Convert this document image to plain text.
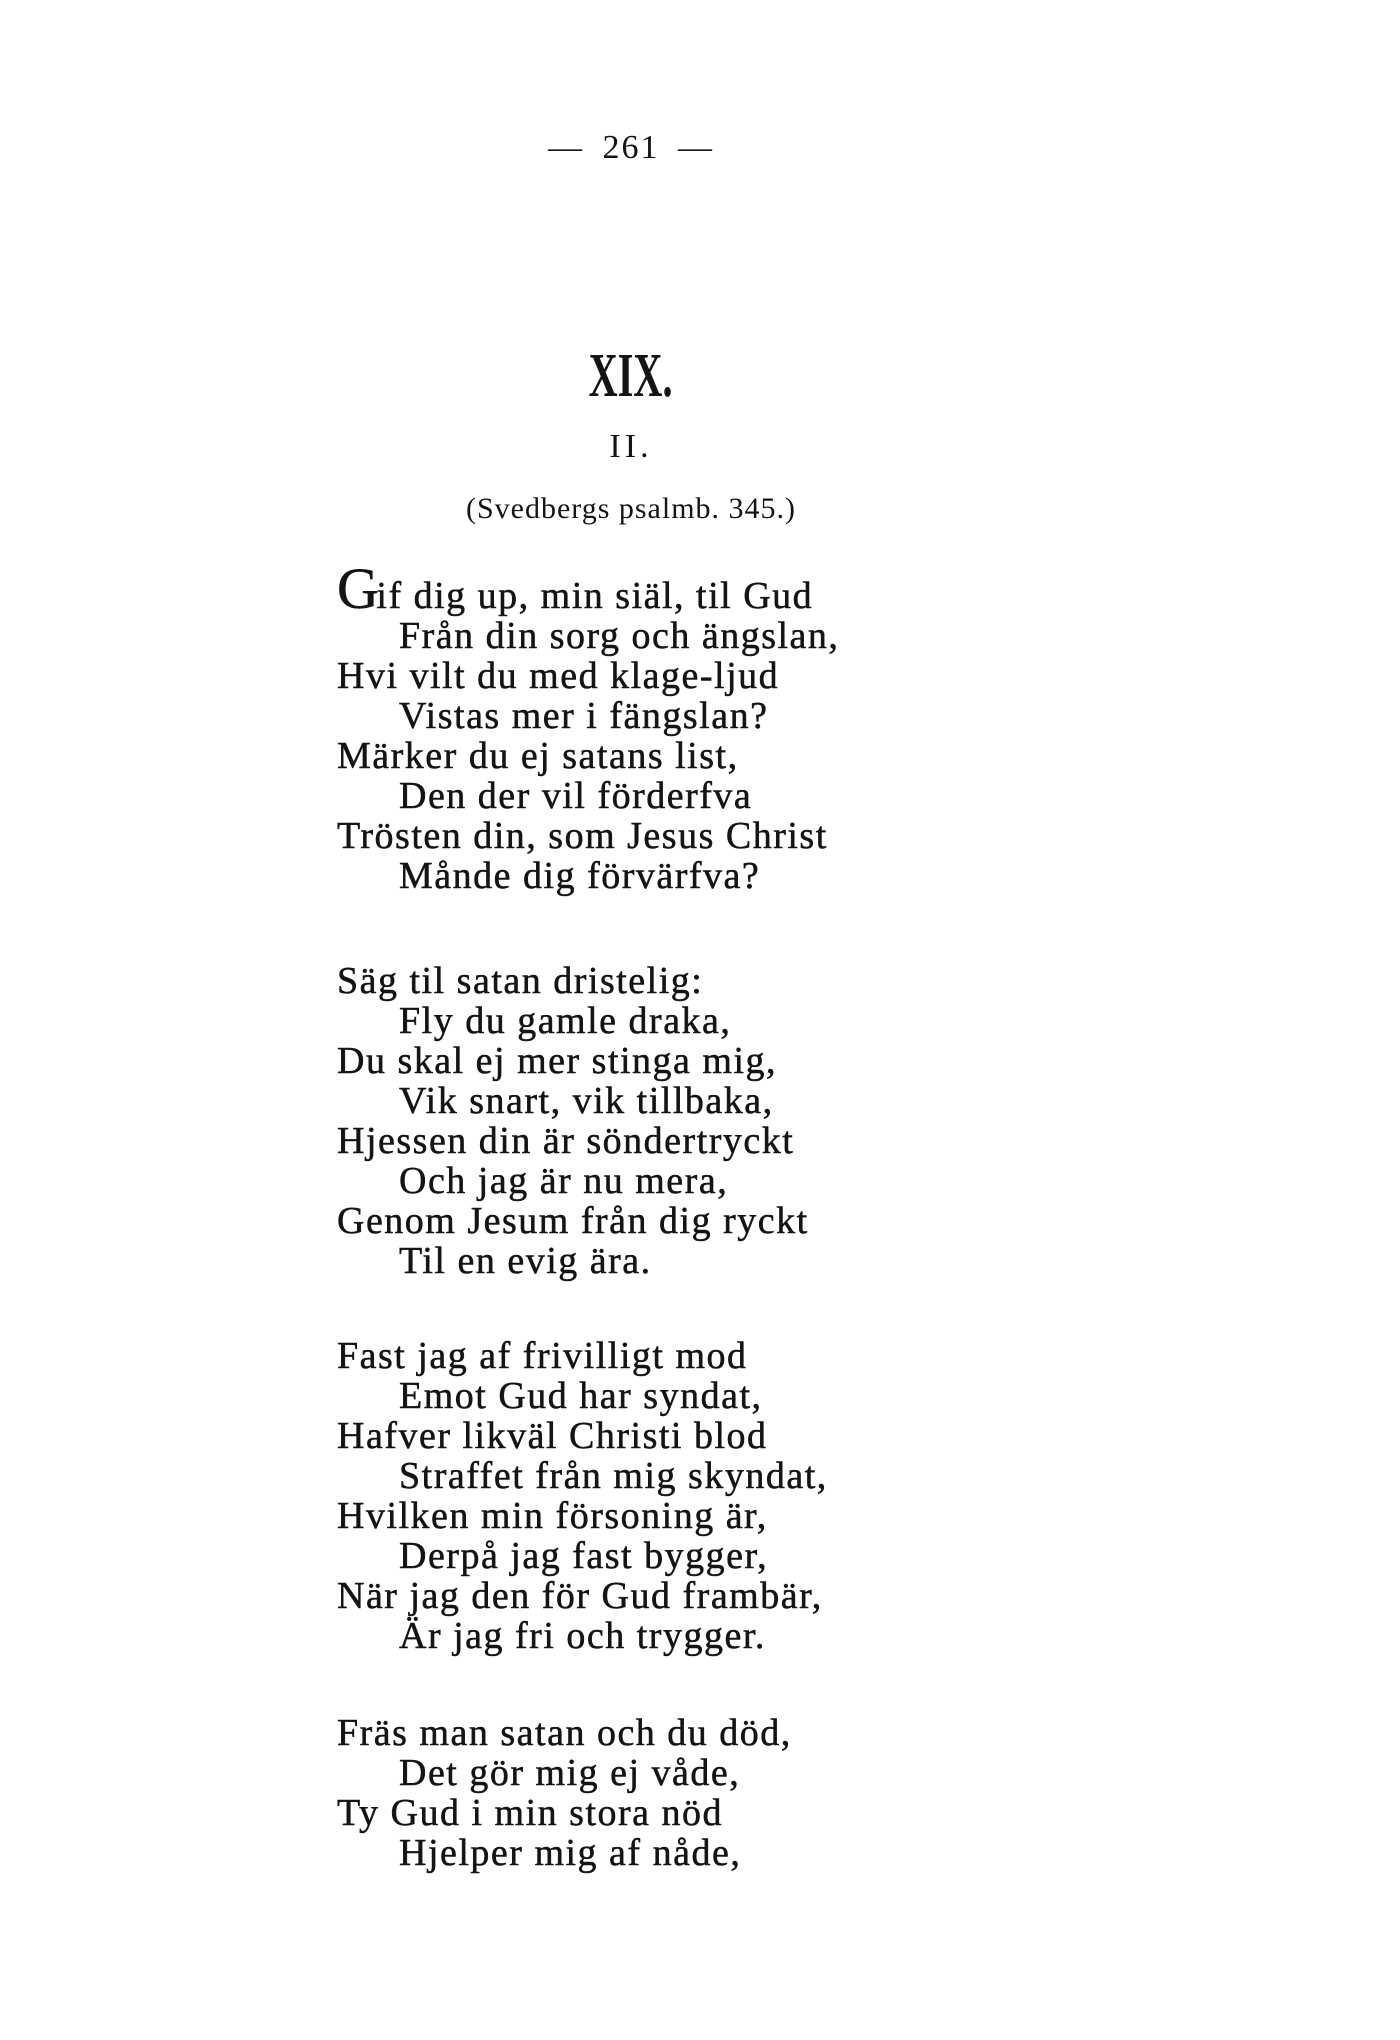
— 261 —
XIX.
II.
(Svedbergs psalmb. 345.)
Gif dig up, min siäl, til Gud
Från din sorg och ängslan,
Hvi vilt du med klage-ljud
Vistas mer i fängslan?
Märker du ej satans list,
Den der vil förderfva
Trösten din, som Jesus Christ
Månde dig förvärfva?
Säg til satan dristelig:
Fly du gamle draka,
Du skal ej mer stinga mig,
Vik snart, vik tillbaka,
Hjessen din är söndertryckt
Och jag är nu mera,
Genom Jesum från dig ryckt
Til en evig ära.
Fast jag af frivilligt mod
Emot Gud har syndat,
Hafver likväl Christi blod
Straffet från mig skyndat,
Hvilken min försoning är,
Derpå jag fast bygger,
När jag den för Gud frambär,
Är jag fri och trygger.
Fräs man satan och du död,
Det gör mig ej våde,
Ty Gud i min stora nöd
Hjelper mig af nåde,
